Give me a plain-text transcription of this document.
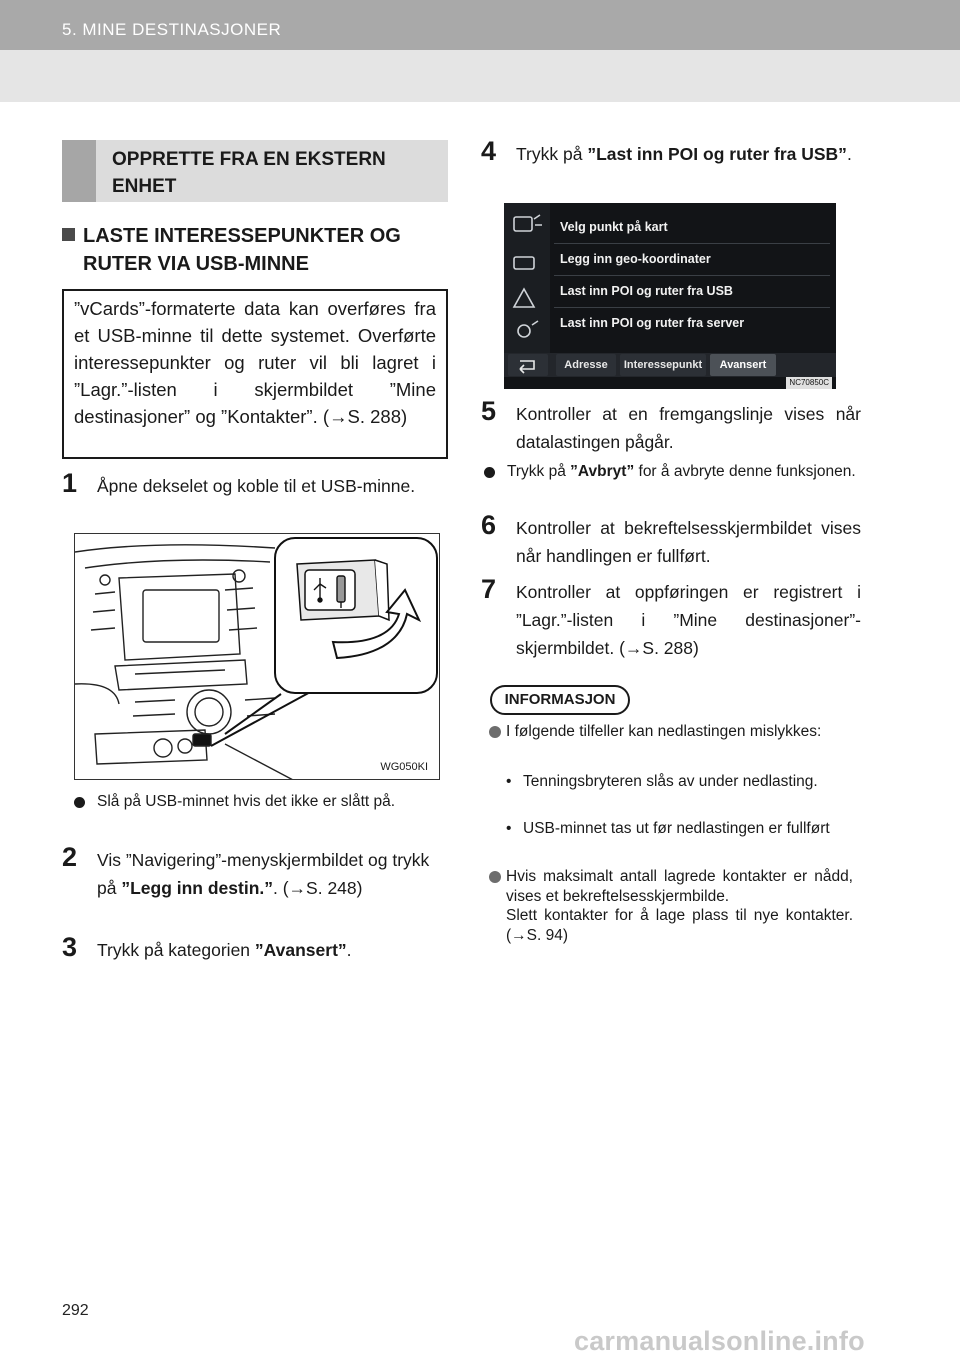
5. MINE DESTINASJONER
OPPRETTE FRA EN EKSTERN ENHET
LASTE INTERESSEPUNKTER OG
RUTER VIA USB-MINNE
”vCards”-formaterte data kan overføres fra et USB-minne til dette systemet. Overførte interessepunkter og ruter vil bli lagret i ”Lagr.”-listen i skjermbildet ”Mine destinasjoner” og ”Kontakter”. (→S. 288)
1	Åpne dekselet og koble til et USB-minne.
WG050KI
Slå på USB-minnet hvis det ikke er slått på.
2	Vis ”Navigering”-menyskjermbildet og trykk på ”Legg inn destin.”. (→S. 248)
3	Trykk på kategorien ”Avansert”.
4	Trykk på ”Last inn POI og ruter fra USB”.
Velg punkt på kart
Legg inn geo-koordinater
Last inn POI og ruter fra USB
Last inn POI og ruter fra server
Adresse	Interessepunkt	Avansert
NC70850C
5	Kontroller at en fremgangslinje vises når datalastingen pågår.
Trykk på ”Avbryt” for å avbryte denne funksjonen.
6	Kontroller at bekreftelsesskjermbildet vises når handlingen er fullført.
7	Kontroller at oppføringen er registrert i ”Lagr.”-listen i ”Mine destinasjoner”-skjermbildet. (→S. 288)
INFORMASJON
I følgende tilfeller kan nedlastingen mislykkes:
• Tenningsbryteren slås av under nedlasting.
• USB-minnet tas ut før nedlastingen er fullført
Hvis maksimalt antall lagrede kontakter er nådd, vises et bekreftelsesskjermbilde.
Slett kontakter for å lage plass til nye kontakter. (→S. 94)
292
carmanualsonline.info
